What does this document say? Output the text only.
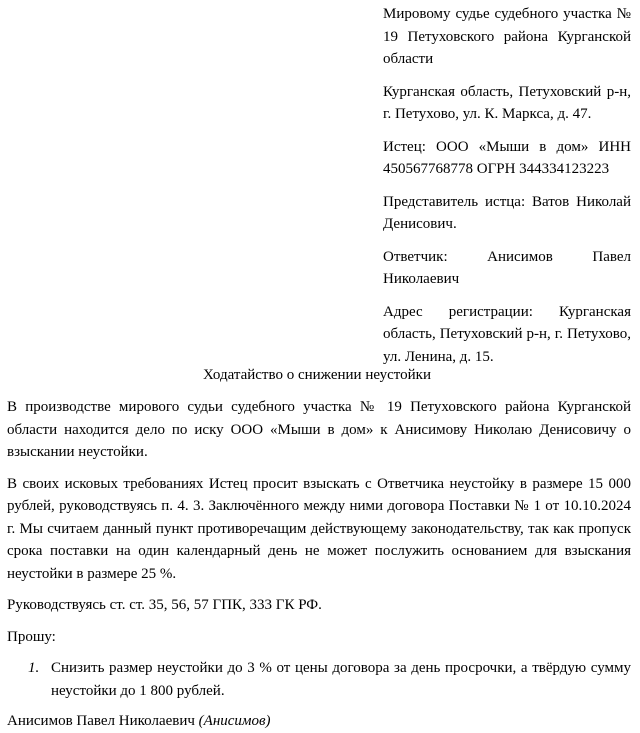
Мировому судье судебного участка № 19 Петуховского района Курганской области

Курганская область, Петуховский р-н, г. Петухово, ул. К. Маркса, д. 47.

Истец: ООО «Мыши в дом» ИНН 450567768778 ОГРН 344334123223

Представитель истца: Ватов Николай Денисович.

Ответчик: Анисимов Павел Николаевич

Адрес регистрации: Курганская область, Петуховский р-н, г. Петухово, ул. Ленина, д. 15.

Ходатайство о снижении неустойки

В производстве мирового судьи судебного участка № 19 Петуховского района Курганской области находится дело по иску ООО «Мыши в дом» к Анисимову Николаю Денисовичу о взыскании неустойки.

В своих исковых требованиях Истец просит взыскать с Ответчика неустойку в размере 15 000 рублей, руководствуясь п. 4. 3. Заключённого между ними договора Поставки № 1 от 10.10.2024 г. Мы считаем данный пункт противоречащим действующему законодательству, так как пропуск срока поставки на один календарный день не может послужить основанием для взыскания неустойки в размере 25 %.

Руководствуясь ст. ст. 35, 56, 57 ГПК, 333 ГК РФ.

Прошу:

1. Снизить размер неустойки до 3 % от цены договора за день просрочки, а твёрдую сумму неустойки до 1 800 рублей.

Анисимов Павел Николаевич (Анисимов)
